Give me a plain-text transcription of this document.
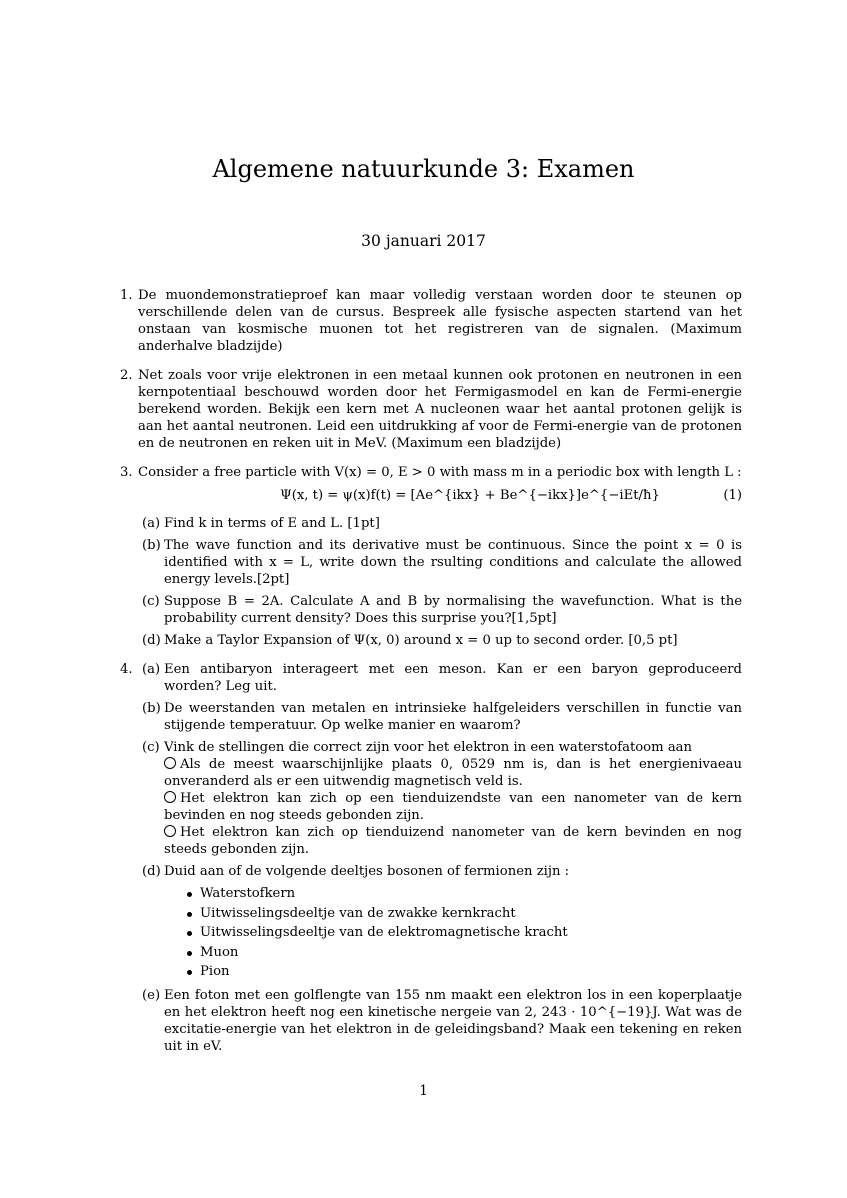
Algemene natuurkunde 3: Examen
30 januari 2017
1. De muondemonstratieproef kan maar volledig verstaan worden door te steunen op verschillende delen van de cursus. Bespreek alle fysische aspecten startend van het onstaan van kosmische muonen tot het registreren van de signalen. (Maximum anderhalve bladzijde)
2. Net zoals voor vrije elektronen in een metaal kunnen ook protonen en neutronen in een kernpotentiaal beschouwd worden door het Fermigasmodel en kan de Fermi-energie berekend worden. Bekijk een kern met A nucleonen waar het aantal protonen gelijk is aan het aantal neutronen. Leid een uitdrukking af voor de Fermi-energie van de protonen en de neutronen en reken uit in MeV. (Maximum een bladzijde)
3. Consider a free particle with V(x) = 0, E > 0 with mass m in a periodic box with length L :
Ψ(x, t) = ψ(x)f(t) = [Ae^{ikx} + Be^{−ikx}]e^{−iEt/ħ}	(1)
(a) Find k in terms of E and L. [1pt]
(b) The wave function and its derivative must be continuous. Since the point x = 0 is identified with x = L, write down the rsulting conditions and calculate the allowed energy levels.[2pt]
(c) Suppose B = 2A. Calculate A and B by normalising the wavefunction. What is the probability current density? Does this surprise you?[1,5pt]
(d) Make a Taylor Expansion of Ψ(x, 0) around x = 0 up to second order. [0,5 pt]
4. (a) Een antibaryon interageert met een meson. Kan er een baryon geproduceerd worden? Leg uit.
(b) De weerstanden van metalen en intrinsieke halfgeleiders verschillen in functie van stijgende temperatuur. Op welke manier en waarom?
(c) Vink de stellingen die correct zijn voor het elektron in een waterstofatoom aan
Als de meest waarschijnlijke plaats 0, 0529 nm is, dan is het energienivaeau onveranderd als er een uitwendig magnetisch veld is.
Het elektron kan zich op een tienduizendste van een nanometer van de kern bevinden en nog steeds gebonden zijn.
Het elektron kan zich op tienduizend nanometer van de kern bevinden en nog steeds gebonden zijn.
(d) Duid aan of de volgende deeltjes bosonen of fermionen zijn :
Waterstofkern
Uitwisselingsdeeltje van de zwakke kernkracht
Uitwisselingsdeeltje van de elektromagnetische kracht
Muon
Pion
(e) Een foton met een golflengte van 155 nm maakt een elektron los in een koperplaatje en het elektron heeft nog een kinetische nergeie van 2, 243 · 10^{−19}J. Wat was de excitatie-energie van het elektron in de geleidingsband? Maak een tekening en reken uit in eV.
1
